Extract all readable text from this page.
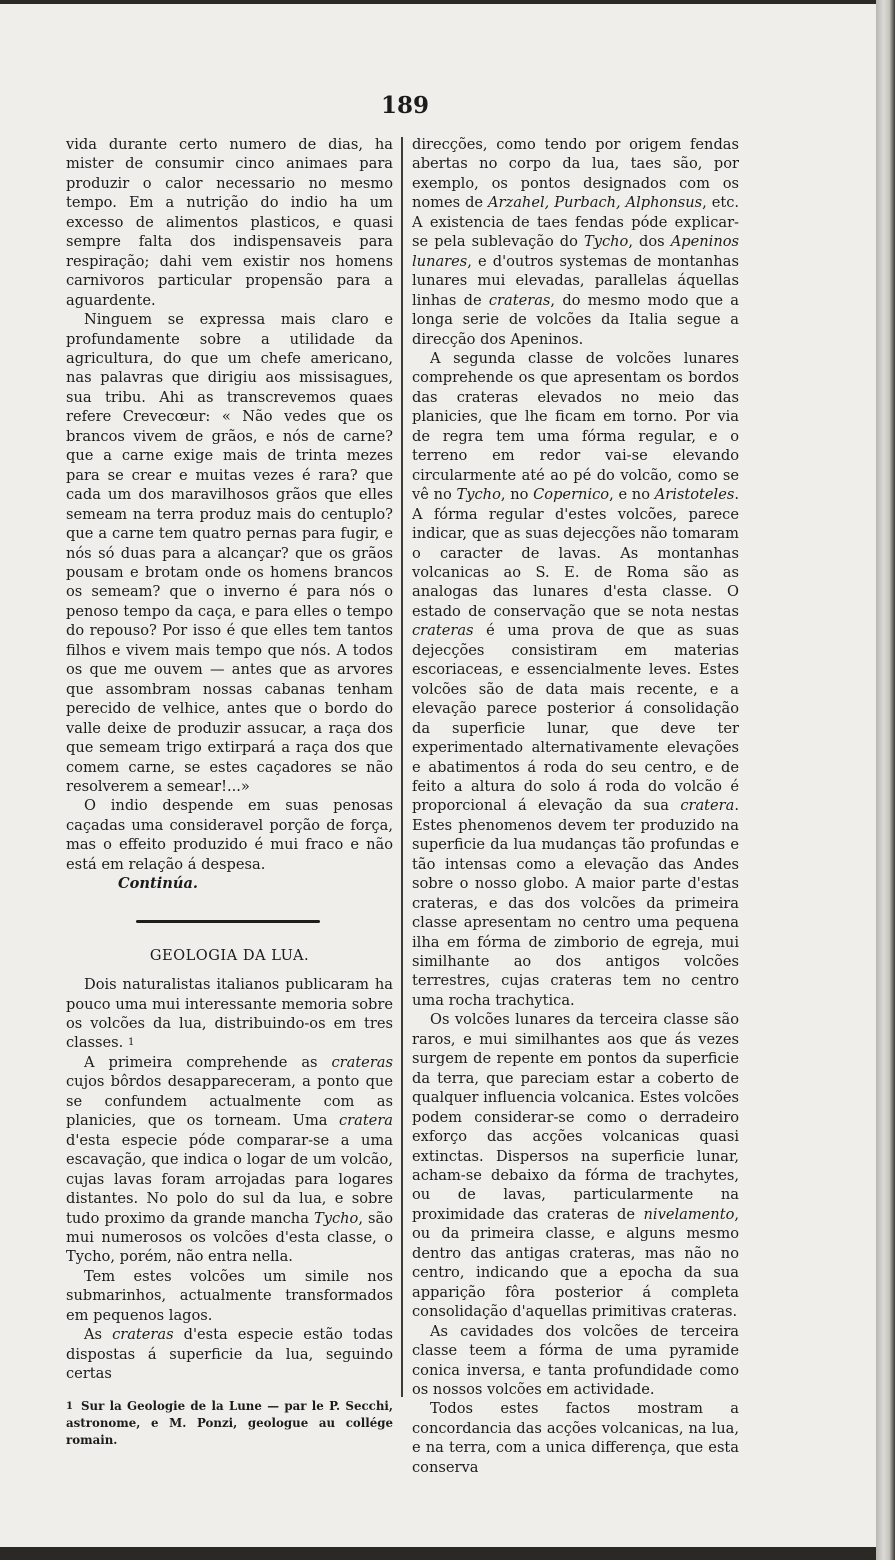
189

vida durante certo numero de dias, ha mister de consumir cinco animaes para produzir o calor necessario no mesmo tempo. Em a nutrição do indio ha um excesso de alimentos plasticos, e quasi sempre falta dos indispensaveis para respiração; dahi vem existir nos homens carnivoros particular propensão para a aguardente.

Ninguem se expressa mais claro e profundamente sobre a utilidade da agricultura, do que um chefe americano, nas palavras que dirigiu aos missisagues, sua tribu. Ahi as transcrevemos quaes refere Crevecœur: « Não vedes que os brancos vivem de grãos, e nós de carne? que a carne exige mais de trinta mezes para se crear e muitas vezes é rara? que cada um dos maravilhosos grãos que elles semeam na terra produz mais do centuplo? que a carne tem quatro pernas para fugir, e nós só duas para a alcançar? que os grãos pousam e brotam onde os homens brancos os semeam? que o inverno é para nós o penoso tempo da caça, e para elles o tempo do repouso? Por isso é que elles tem tantos filhos e vivem mais tempo que nós. A todos os que me ouvem — antes que as arvores que assombram nossas cabanas tenham perecido de velhice, antes que o bordo do valle deixe de produzir assucar, a raça dos que semeam trigo extirpará a raça dos que comem carne, se estes caçadores se não resolverem a semear!...»

O indio despende em suas penosas caçadas uma consideravel porção de força, mas o effeito produzido é mui fraco e não está em relação á despesa.

Continúa.

GEOLOGIA DA LUA.

Dois naturalistas italianos publicaram ha pouco uma mui interessante memoria sobre os volcões da lua, distribuindo-os em tres classes. $^1$

A primeira comprehende as crateras cujos bôrdos desappareceram, a ponto que se confundem actualmente com as planicies, que os torneam. Uma cratera d'esta especie póde comparar-se a uma escavação, que indica o logar de um volcão, cujas lavas foram arrojadas para logares distantes. No polo do sul da lua, e sobre tudo proximo da grande mancha Tycho, são mui numerosos os volcões d'esta classe, o Tycho, porém, não entra nella.

Tem estes volcões um simile nos submarinhos, actualmente transformados em pequenos lagos.

As crateras d'esta especie estão todas dispostas á superficie da lua, seguindo certas

$^1$ Sur la Geologie de la Lune — par le P. Secchi, astronome, e M. Ponzi, geologue au collége romain.

direcções, como tendo por origem fendas abertas no corpo da lua, taes são, por exemplo, os pontos designados com os nomes de Arzahel, Purbach, Alphonsus, etc. A existencia de taes fendas póde explicar-se pela sublevação do Tycho, dos Apeninos lunares, e d'outros systemas de montanhas lunares mui elevadas, parallelas áquellas linhas de crateras, do mesmo modo que a longa serie de volcões da Italia segue a direcção dos Apeninos.

A segunda classe de volcões lunares comprehende os que apresentam os bordos das crateras elevados no meio das planicies, que lhe ficam em torno. Por via de regra tem uma fórma regular, e o terreno em redor vai-se elevando circularmente até ao pé do volcão, como se vê no Tycho, no Copernico, e no Aristoteles. A fórma regular d'estes volcões, parece indicar, que as suas dejecções não tomaram o caracter de lavas. As montanhas volcanicas ao S. E. de Roma são as analogas das lunares d'esta classe. O estado de conservação que se nota nestas crateras é uma prova de que as suas dejecções consistiram em materias escoriaceas, e essencialmente leves. Estes volcões são de data mais recente, e a elevação parece posterior á consolidação da superficie lunar, que deve ter experimentado alternativamente elevações e abatimentos á roda do seu centro, e de feito a altura do solo á roda do volcão é proporcional á elevação da sua cratera. Estes phenomenos devem ter produzido na superficie da lua mudanças tão profundas e tão intensas como a elevação das Andes sobre o nosso globo. A maior parte d'estas crateras, e das dos volcões da primeira classe apresentam no centro uma pequena ilha em fórma de zimborio de egreja, mui similhante ao dos antigos volcões terrestres, cujas crateras tem no centro uma rocha trachytica.

Os volcões lunares da terceira classe são raros, e mui similhantes aos que ás vezes surgem de repente em pontos da superficie da terra, que pareciam estar a coberto de qualquer influencia volcanica. Estes volcões podem considerar-se como o derradeiro exforço das acções volcanicas quasi extinctas. Dispersos na superficie lunar, acham-se debaixo da fórma de trachytes, ou de lavas, particularmente na proximidade das crateras de nivelamento, ou da primeira classe, e alguns mesmo dentro das antigas crateras, mas não no centro, indicando que a epocha da sua apparição fôra posterior á completa consolidação d'aquellas primitivas crateras.

As cavidades dos volcões de terceira classe teem a fórma de uma pyramide conica inversa, e tanta profundidade como os nossos volcões em actividade.

Todos estes factos mostram a concordancia das acções volcanicas, na lua, e na terra, com a unica differença, que esta conserva
